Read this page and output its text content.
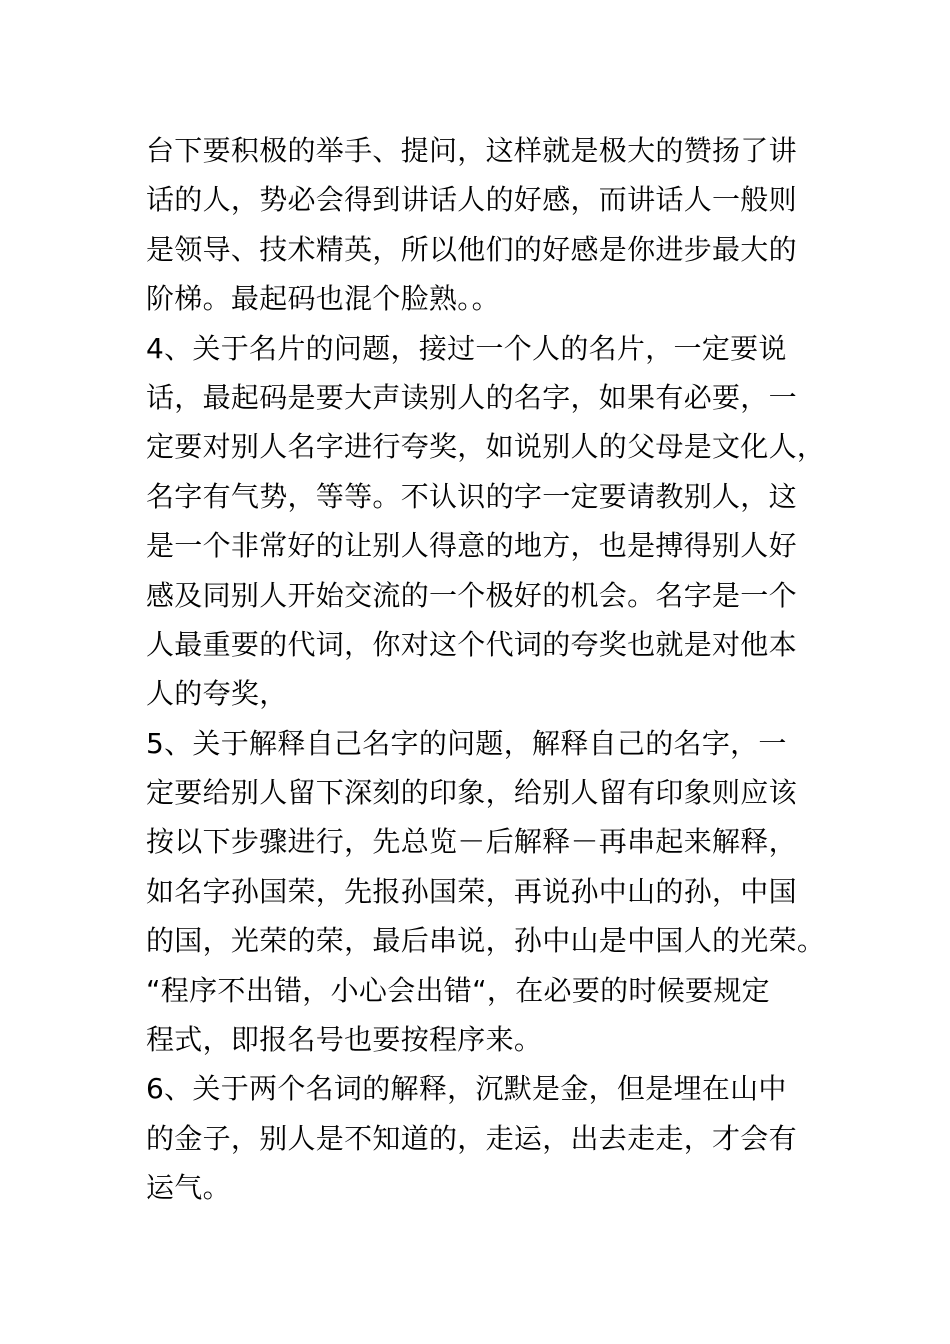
台下要积极的举手、提问，这样就是极大的赞扬了讲
话的人，势必会得到讲话人的好感，而讲话人一般则
是领导、技术精英，所以他们的好感是你进步最大的
阶梯。最起码也混个脸熟。。
4、关于名片的问题，接过一个人的名片，一定要说
话，最起码是要大声读别人的名字，如果有必要，一
定要对别人名字进行夸奖，如说别人的父母是文化人，
名字有气势，等等。不认识的字一定要请教别人，这
是一个非常好的让别人得意的地方，也是搏得别人好
感及同别人开始交流的一个极好的机会。名字是一个
人最重要的代词，你对这个代词的夸奖也就是对他本
人的夸奖，
5、关于解释自己名字的问题，解释自己的名字，一
定要给别人留下深刻的印象，给别人留有印象则应该
按以下步骤进行，先总览－后解释－再串起来解释，
如名字孙国荣，先报孙国荣，再说孙中山的孙，中国
的国，光荣的荣，最后串说，孙中山是中国人的光荣。
“程序不出错，小心会出错“，在必要的时候要规定
程式，即报名号也要按程序来。
6、关于两个名词的解释，沉默是金，但是埋在山中
的金子，别人是不知道的，走运，出去走走，才会有
运气。
